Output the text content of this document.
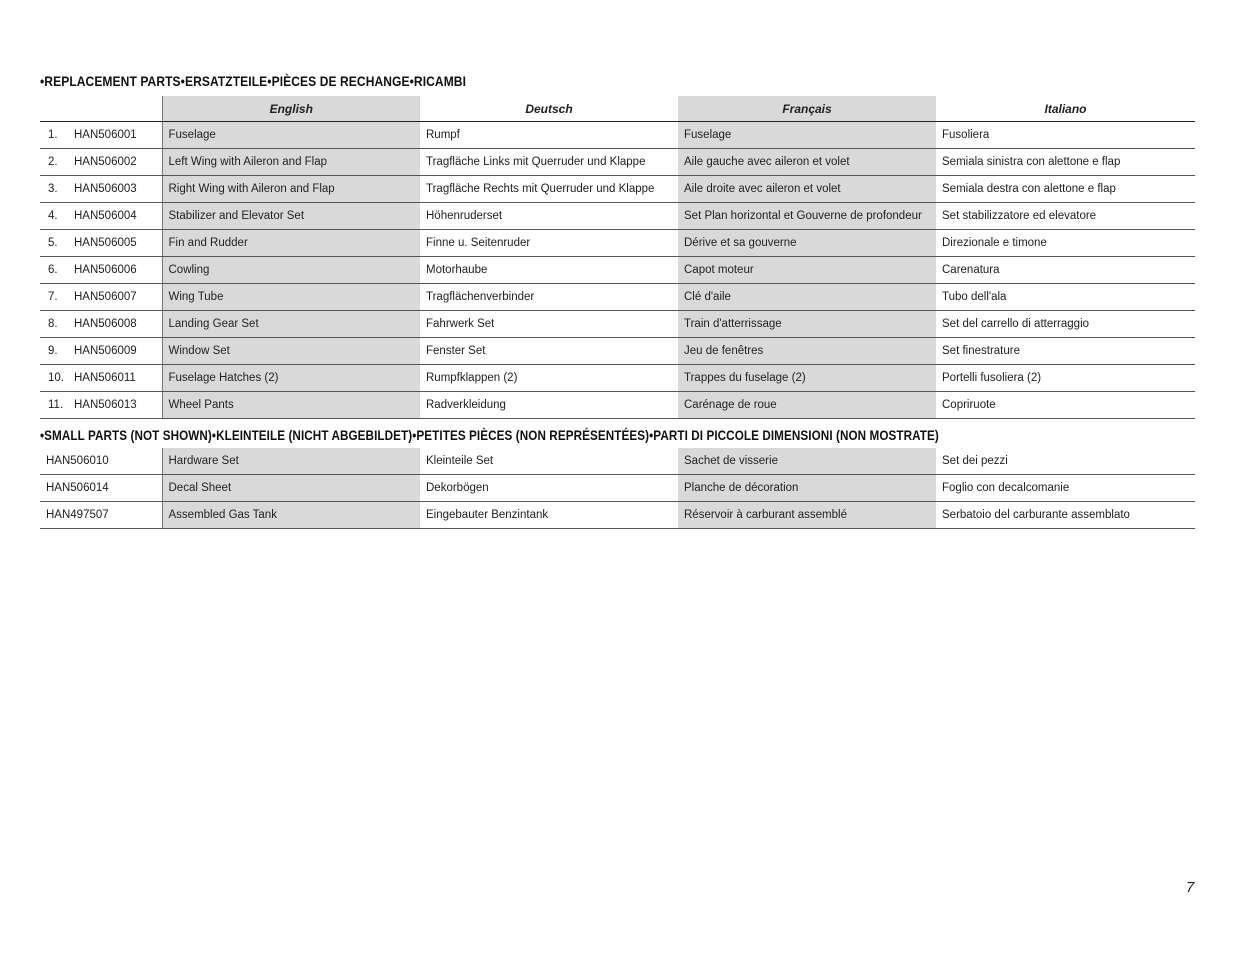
•REPLACEMENT PARTS•ERSATZTEILE•PIÈCES DE RECHANGE•RICAMBI
	English	Deutsch	Français	Italiano
1. HAN506001	Fuselage	Rumpf	Fuselage	Fusoliera
2. HAN506002	Left Wing with Aileron and Flap	Tragfläche Links mit Querruder und Klappe	Aile gauche avec aileron et volet	Semiala sinistra con alettone e flap
3. HAN506003	Right Wing with Aileron and Flap	Tragfläche Rechts mit Querruder und Klappe	Aile droite avec aileron et volet	Semiala destra con alettone e flap
4. HAN506004	Stabilizer and Elevator Set	Höhenruderset	Set Plan horizontal et Gouverne de profondeur	Set stabilizzatore ed elevatore
5. HAN506005	Fin and Rudder	Finne u. Seitenruder	Dérive et sa gouverne	Direzionale e timone
6. HAN506006	Cowling	Motorhaube	Capot moteur	Carenatura
7. HAN506007	Wing Tube	Tragflächenverbinder	Clé d'aile	Tubo dell'ala
8. HAN506008	Landing Gear Set	Fahrwerk Set	Train d'atterrissage	Set del carrello di atterraggio
9. HAN506009	Window Set	Fenster Set	Jeu de fenêtres	Set finestrature
10. HAN506011	Fuselage Hatches (2)	Rumpfklappen (2)	Trappes du fuselage (2)	Portelli fusoliera (2)
11. HAN506013	Wheel Pants	Radverkleidung	Carénage de roue	Copriruote
•SMALL PARTS (NOT SHOWN)•KLEINTEILE (NICHT ABGEBILDET)•PETITES PIÈCES (NON REPRÉSENTÉES)•PARTI DI PICCOLE DIMENSIONI (NON MOSTRATE)
HAN506010	Hardware Set	Kleinteile Set	Sachet de visserie	Set dei pezzi
HAN506014	Decal Sheet	Dekorbögen	Planche de décoration	Foglio con decalcomanie
HAN497507	Assembled Gas Tank	Eingebauter Benzintank	Réservoir à carburant assemblé	Serbatoio del carburante assemblato
7
